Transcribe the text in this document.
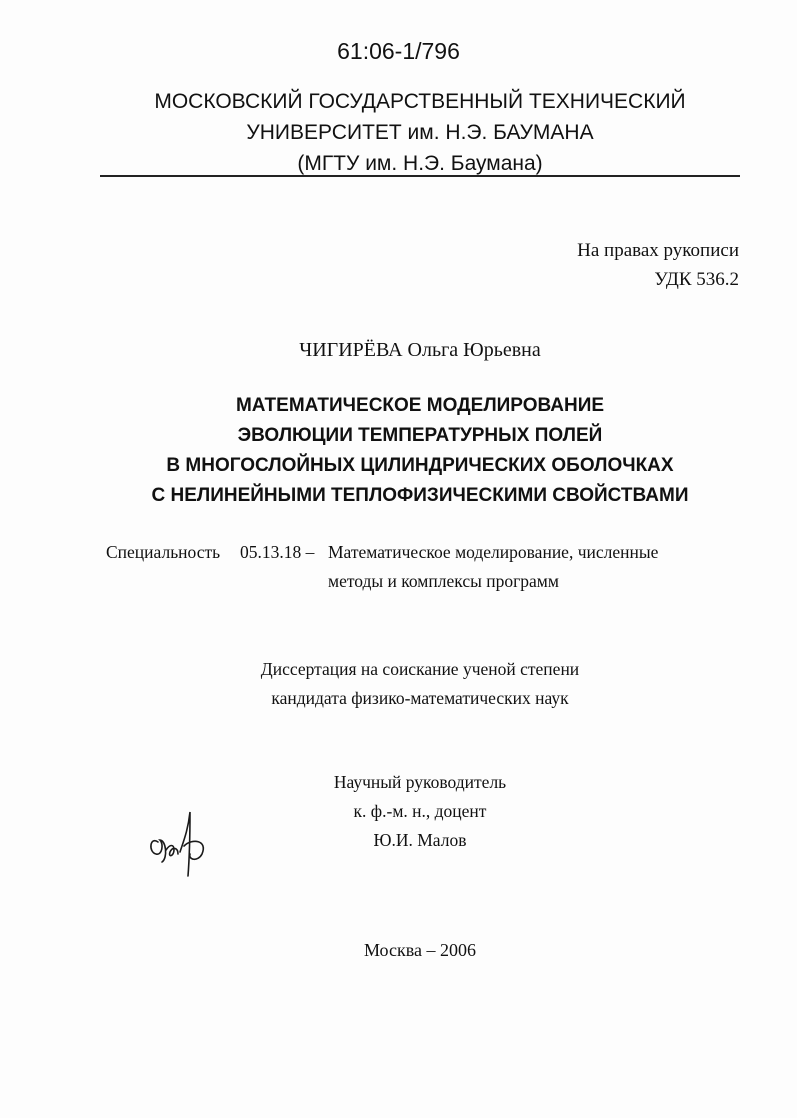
61:06-1/796
МОСКОВСКИЙ ГОСУДАРСТВЕННЫЙ ТЕХНИЧЕСКИЙ
УНИВЕРСИТЕТ им. Н.Э. БАУМАНА
(МГТУ им. Н.Э. Баумана)
На правах рукописи
УДК 536.2
ЧИГИРЁВА Ольга Юрьевна
МАТЕМАТИЧЕСКОЕ МОДЕЛИРОВАНИЕ
ЭВОЛЮЦИИ ТЕМПЕРАТУРНЫХ ПОЛЕЙ
В МНОГОСЛОЙНЫХ ЦИЛИНДРИЧЕСКИХ ОБОЛОЧКАХ
С НЕЛИНЕЙНЫМИ ТЕПЛОФИЗИЧЕСКИМИ СВОЙСТВАМИ
Специальность 05.13.18 – Математическое моделирование, численные
методы и комплексы программ
Диссертация на соискание ученой степени
кандидата физико-математических наук
Научный руководитель
к. ф.-м. н., доцент
Ю.И. Малов
Москва – 2006
